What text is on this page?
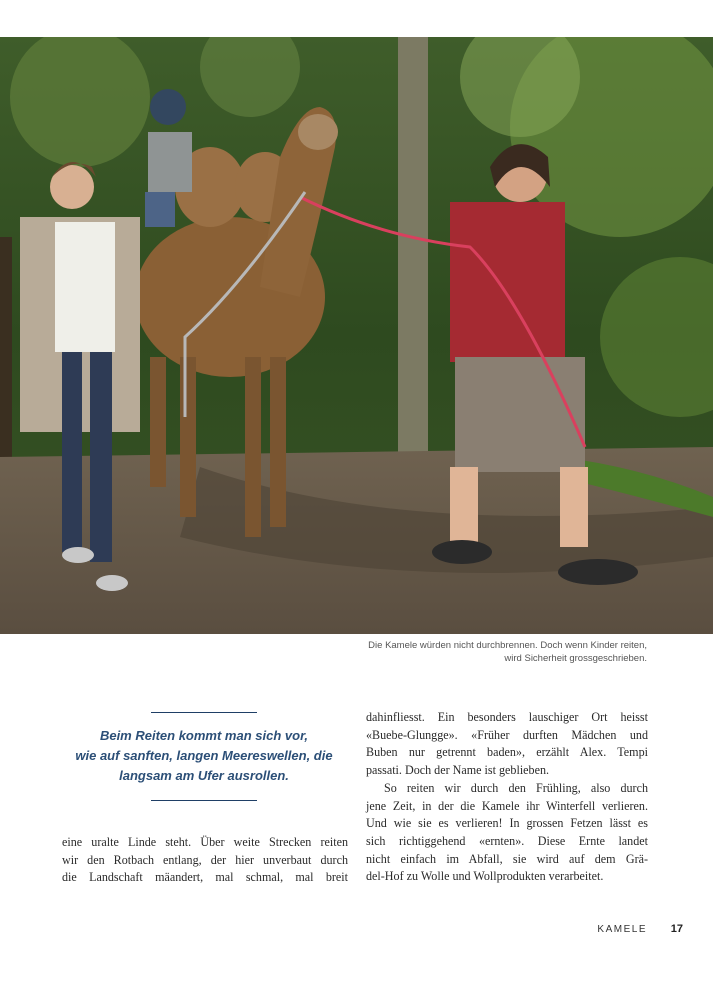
Die Kamele würden nicht durchbrennen. Doch wenn Kinder reiten,
wird Sicherheit grossgeschrieben.
Beim Reiten kommt man sich vor,
wie auf sanften, langen Meereswellen, die
langsam am Ufer ausrollen.
eine uralte Linde steht. Über weite Strecken reiten
wir den Rotbach entlang, der hier unverbaut durch
die Landschaft mäandert, mal schmal, mal breit
dahinfliesst. Ein besonders lauschiger Ort heisst
«Buebe-Glungge». «Früher durften Mädchen und
Buben nur getrennt baden», erzählt Alex. Tempi
passati. Doch der Name ist geblieben.
So reiten wir durch den Frühling, also durch
jene Zeit, in der die Kamele ihr Winterfell verlieren.
Und wie sie es verlieren! In grossen Fetzen lässt es
sich richtiggehend «ernten». Diese Ernte landet
nicht einfach im Abfall, sie wird auf dem Grä-
del-Hof zu Wolle und Wollprodukten verarbeitet.
KAMELE 17
